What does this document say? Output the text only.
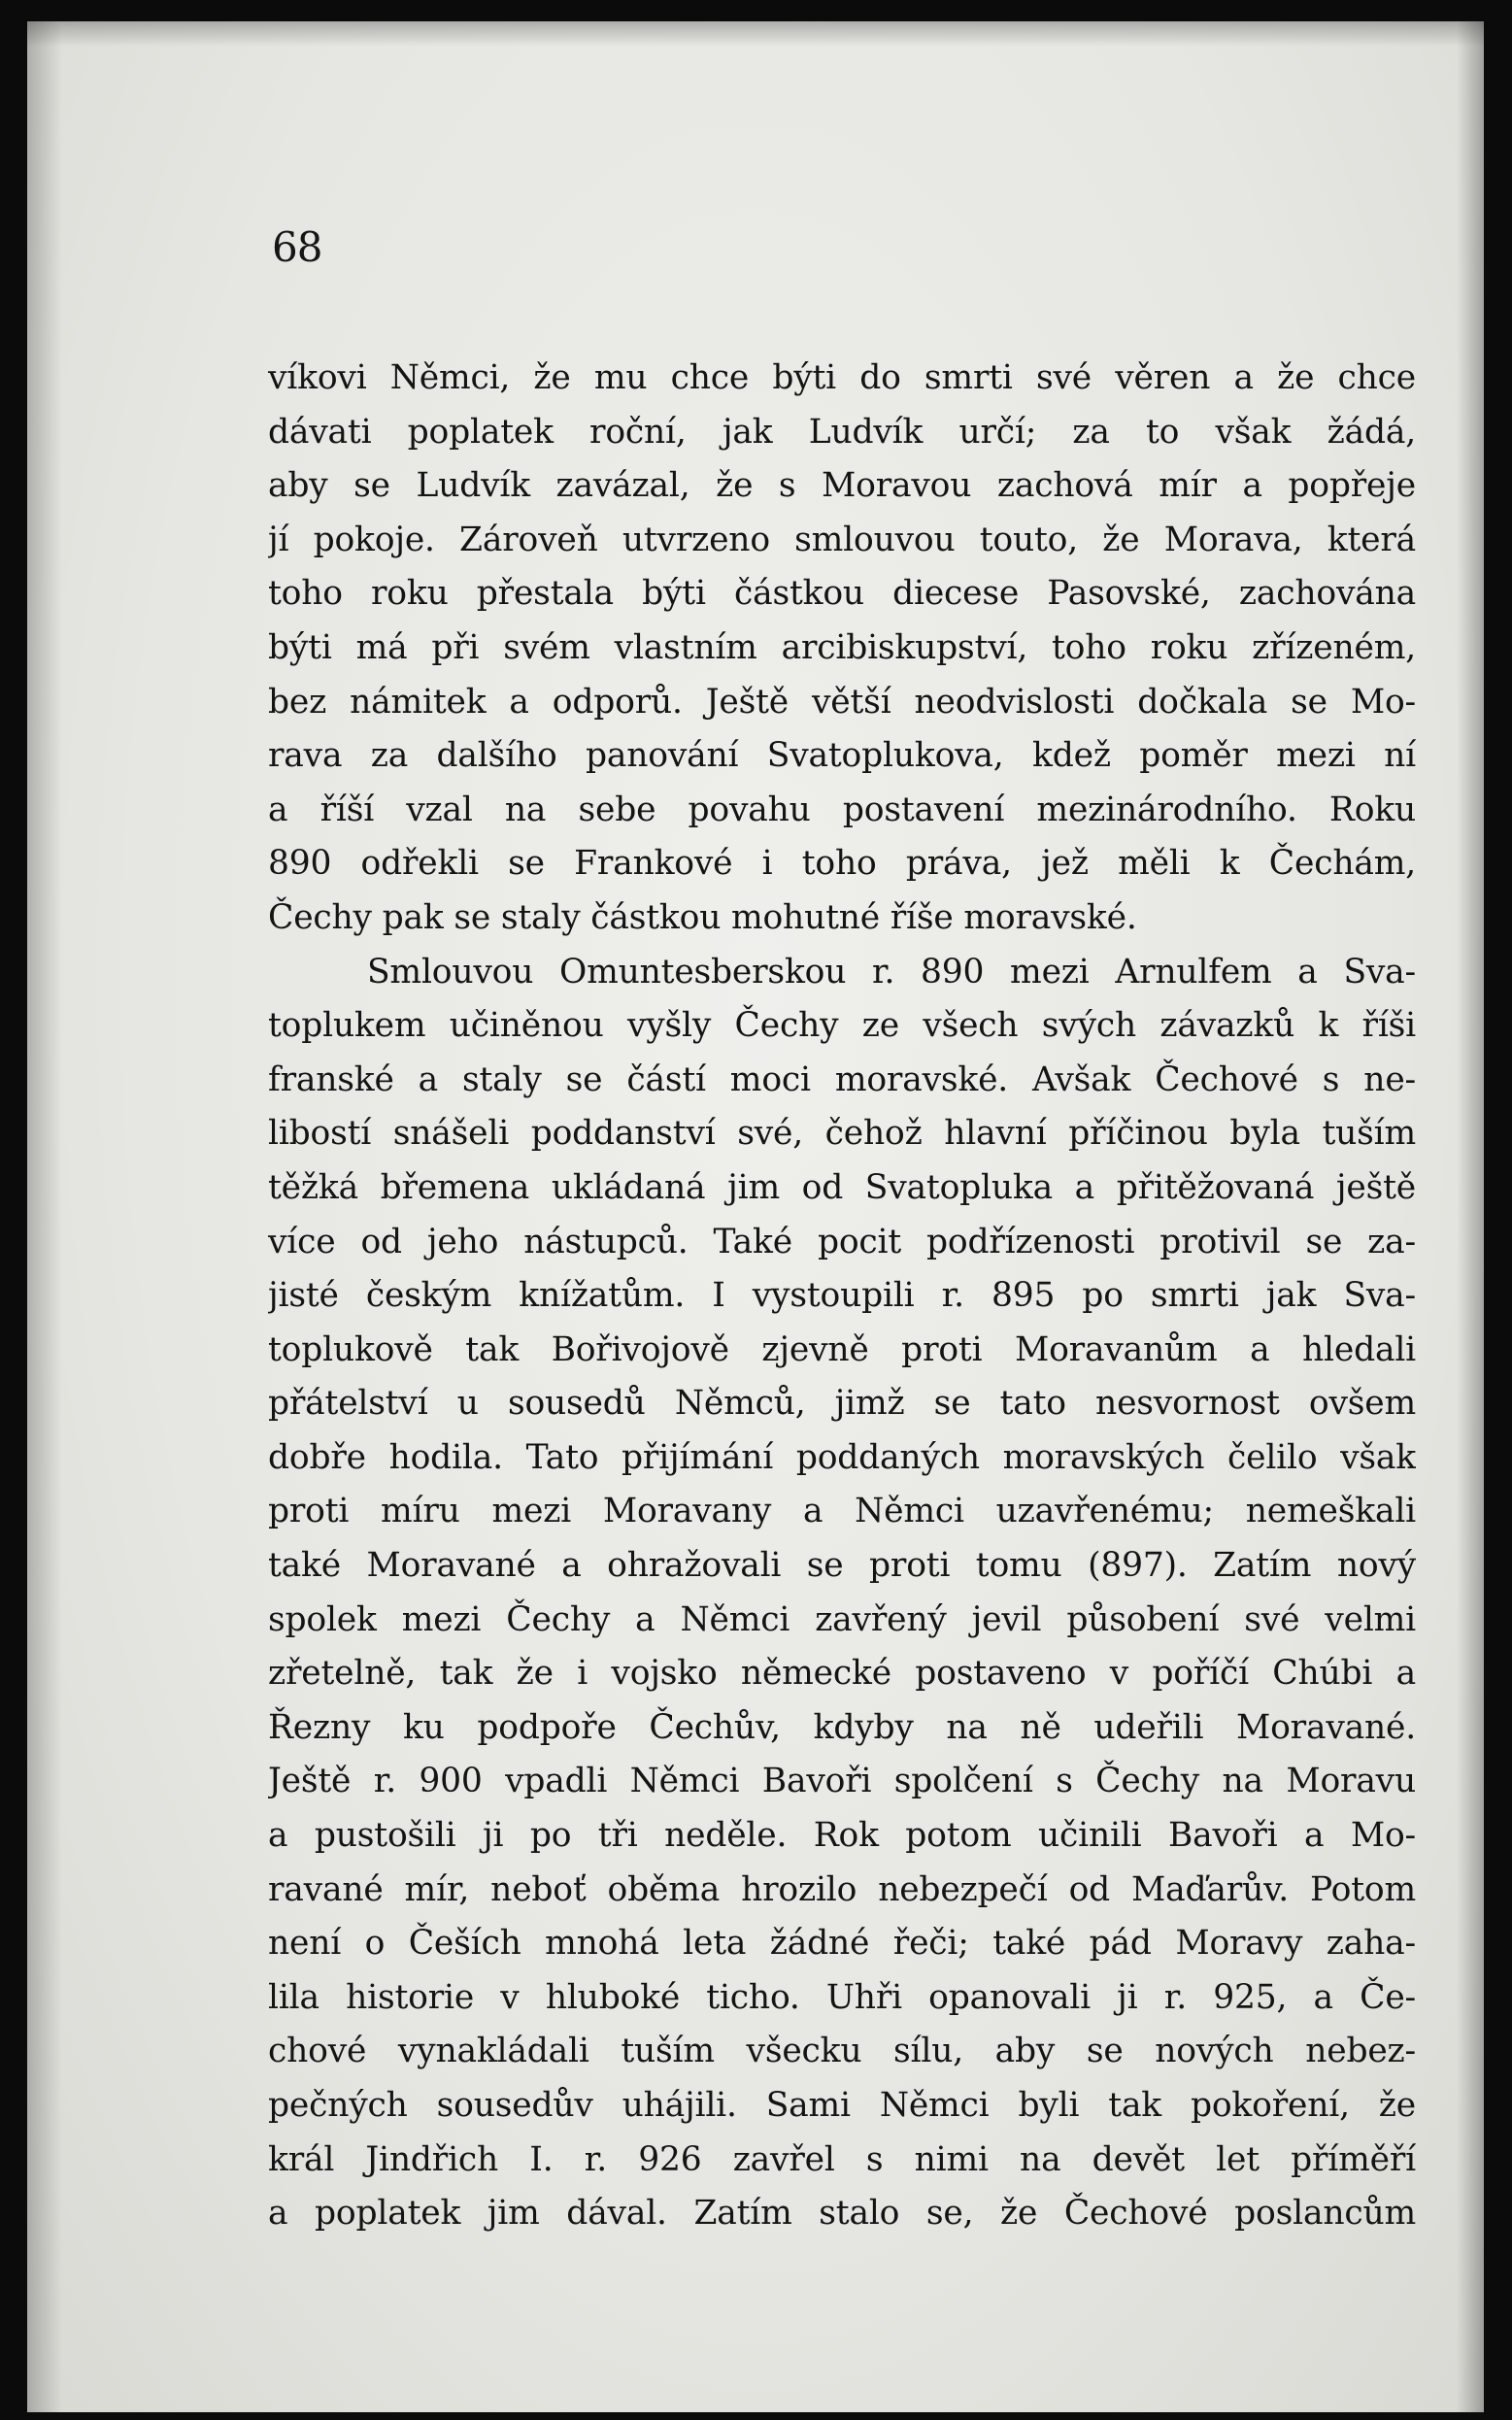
68
víkovi Němci, že mu chce býti do smrti své věren a že chce
dávati poplatek roční, jak Ludvík určí; za to však žádá,
aby se Ludvík zavázal, že s Moravou zachová mír a popřeje
jí pokoje. Zároveň utvrzeno smlouvou touto, že Morava, která
toho roku přestala býti částkou diecese Pasovské, zachována
býti má při svém vlastním arcibiskupství, toho roku zřízeném,
bez námitek a odporů. Ještě větší neodvislosti dočkala se Mo-
rava za dalšího panování Svatoplukova, kdež poměr mezi ní
a říší vzal na sebe povahu postavení mezinárodního. Roku
890 odřekli se Frankové i toho práva, jež měli k Čechám,
Čechy pak se staly částkou mohutné říše moravské.
Smlouvou Omuntesberskou r. 890 mezi Arnulfem a Sva-
toplukem učiněnou vyšly Čechy ze všech svých závazků k říši
franské a staly se částí moci moravské. Avšak Čechové s ne-
libostí snášeli poddanství své, čehož hlavní příčinou byla tuším
těžká břemena ukládaná jim od Svatopluka a přitěžovaná ještě
více od jeho nástupců. Také pocit podřízenosti protivil se za-
jisté českým knížatům. I vystoupili r. 895 po smrti jak Sva-
toplukově tak Bořivojově zjevně proti Moravanům a hledali
přátelství u sousedů Němců, jimž se tato nesvornost ovšem
dobře hodila. Tato přijímání poddaných moravských čelilo však
proti míru mezi Moravany a Němci uzavřenému; nemeškali
také Moravané a ohražovali se proti tomu (897). Zatím nový
spolek mezi Čechy a Němci zavřený jevil působení své velmi
zřetelně, tak že i vojsko německé postaveno v poříčí Chúbi a
Řezny ku podpoře Čechův, kdyby na ně udeřili Moravané.
Ještě r. 900 vpadli Němci Bavoři spolčení s Čechy na Moravu
a pustošili ji po tři neděle. Rok potom učinili Bavoři a Mo-
ravané mír, neboť oběma hrozilo nebezpečí od Maďarův. Potom
není o Češích mnohá leta žádné řeči; také pád Moravy zaha-
lila historie v hluboké ticho. Uhři opanovali ji r. 925, a Če-
chové vynakládali tuším všecku sílu, aby se nových nebez-
pečných sousedův uhájili. Sami Němci byli tak pokoření, že
král Jindřich I. r. 926 zavřel s nimi na devět let příměří
a poplatek jim dával. Zatím stalo se, že Čechové poslancům
